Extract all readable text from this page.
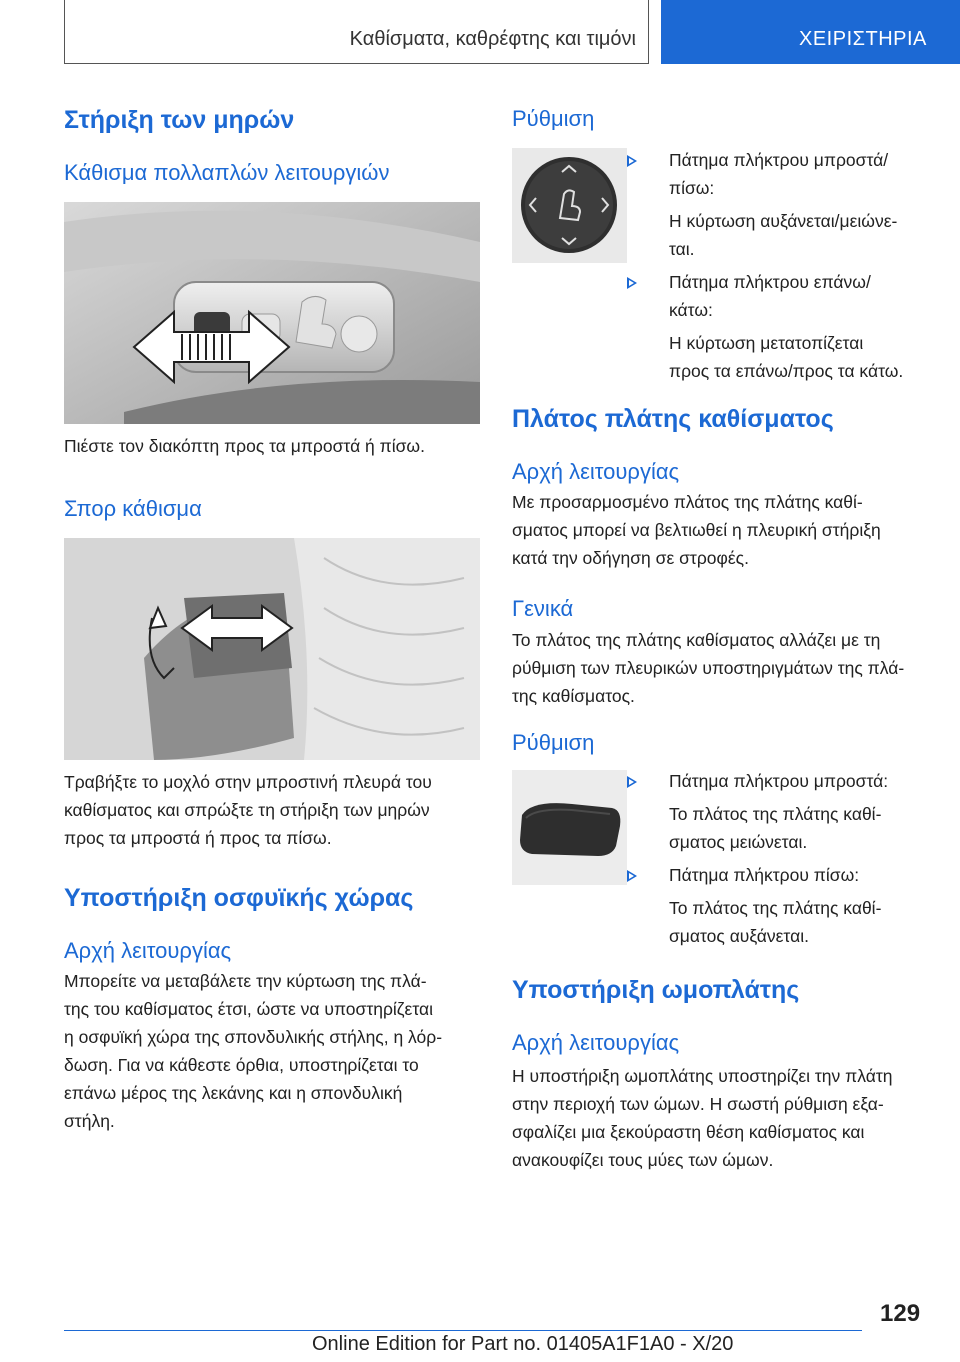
Καθίσματα, καθρέφτης και τιμόνι	ΧΕΙΡΙΣΤΗΡΙΑ
Στήριξη των μηρών
Κάθισμα πολλαπλών λειτουργιών

Πιέστε τον διακόπτη προς τα μπροστά ή πίσω.

Σπορ κάθισμα

Τραβήξτε το μοχλό στην μπροστινή πλευρά του

καθίσματος και σπρώξτε τη στήριξη των μηρών

προς τα μπροστά ή προς τα πίσω.

Υποστήριξη οσφυϊκής χώρας
Αρχή λειτουργίας

Μπορείτε να μεταβάλετε την κύρτωση της πλά-

της του καθίσματος έτσι, ώστε να υποστηρίζεται

η οσφυϊκή χώρα της σπονδυλικής στήλης, η λόρ-

δωση. Για να κάθεστε όρθια, υποστηρίζεται το

επάνω μέρος της λεκάνης και η σπονδυλική

στήλη.

Ρύθμιση
Πάτημα πλήκτρου μπροστά/
πίσω:
Η κύρτωση αυξάνεται/μειώνε-
ται.
Πάτημα πλήκτρου επάνω/
κάτω:
Η κύρτωση μετατοπίζεται
προς τα επάνω/προς τα κάτω.
Πλάτος πλάτης καθίσματος
Αρχή λειτουργίας

Με προσαρμοσμένο πλάτος της πλάτης καθί-

σματος μπορεί να βελτιωθεί η πλευρική στήριξη

κατά την οδήγηση σε στροφές.

Γενικά

Το πλάτος της πλάτης καθίσματος αλλάζει με τη

ρύθμιση των πλευρικών υποστηριγμάτων της πλά-

της καθίσματος.

Ρύθμιση
Πάτημα πλήκτρου μπροστά:
Το πλάτος της πλάτης καθί-
σματος μειώνεται.
Πάτημα πλήκτρου πίσω:
Το πλάτος της πλάτης καθί-
σματος αυξάνεται.
Υποστήριξη ωμοπλάτης
Αρχή λειτουργίας

Η υποστήριξη ωμοπλάτης υποστηρίζει την πλάτη

στην περιοχή των ώμων. Η σωστή ρύθμιση εξα-

σφαλίζει μια ξεκούραστη θέση καθίσματος και

ανακουφίζει τους μύες των ώμων.

129
Online Edition for Part no. 01405A1F1A0 - X/20
